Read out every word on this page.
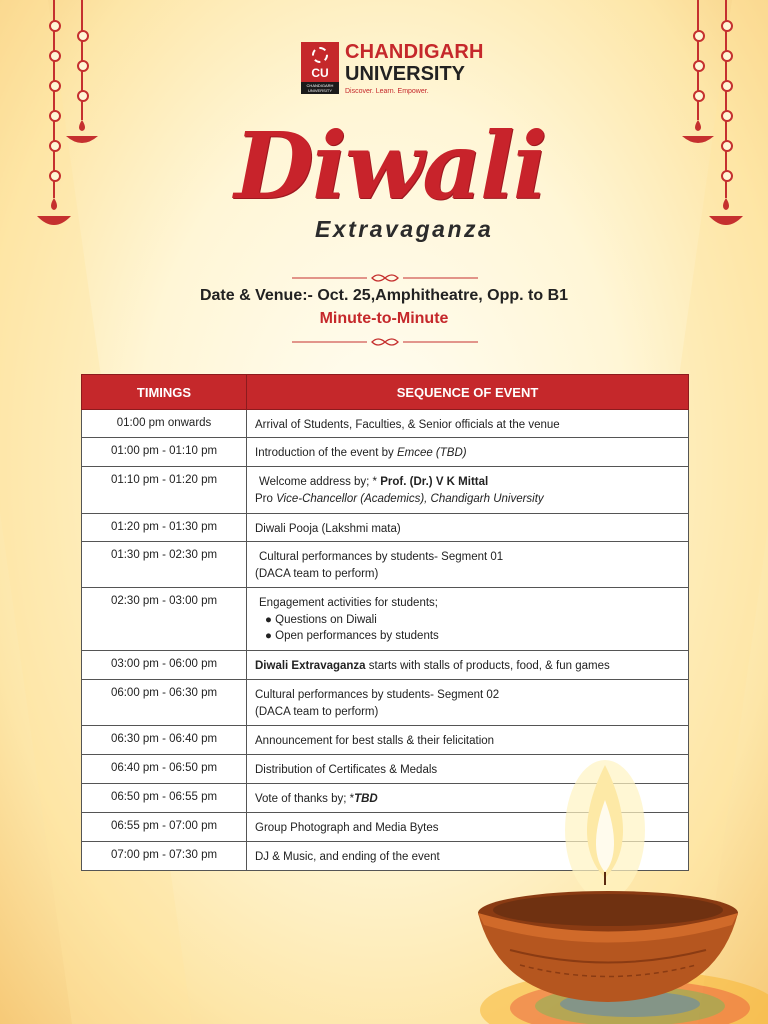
CU
CHANDIGARH UNIVERSITY
CHANDIGARH
UNIVERSITY
Discover. Learn. Empower.
Diwali
Extravaganza
Date & Venue:- Oct. 25,Amphitheatre, Opp. to B1
Minute-to-Minute
TIMINGS	SEQUENCE OF EVENT
01:00 pm onwards	Arrival of Students, Faculties, & Senior officials at the venue
01:00 pm - 01:10 pm	Introduction of the event by Emcee (TBD)
01:10 pm - 01:20 pm	Welcome address by; * Prof. (Dr.) V K Mittal
Pro Vice-Chancellor (Academics), Chandigarh University

01:20 pm - 01:30 pm	Diwali Pooja (Lakshmi mata)
01:30 pm - 02:30 pm	Cultural performances by students- Segment 01
(DACA team to perform)

02:30 pm - 03:00 pm	Engagement activities for students;
● Questions on Diwali
● Open performances by students

03:00 pm - 06:00 pm	Diwali Extravaganza starts with stalls of products, food, & fun games
06:00 pm - 06:30 pm	Cultural performances by students- Segment 02
(DACA team to perform)

06:30 pm - 06:40 pm	Announcement for best stalls & their felicitation
06:40 pm - 06:50 pm	Distribution of Certificates & Medals
06:50 pm - 06:55 pm	Vote of thanks by; *TBD
06:55 pm - 07:00 pm	Group Photograph and Media Bytes
07:00 pm - 07:30 pm	DJ & Music, and ending of the event
